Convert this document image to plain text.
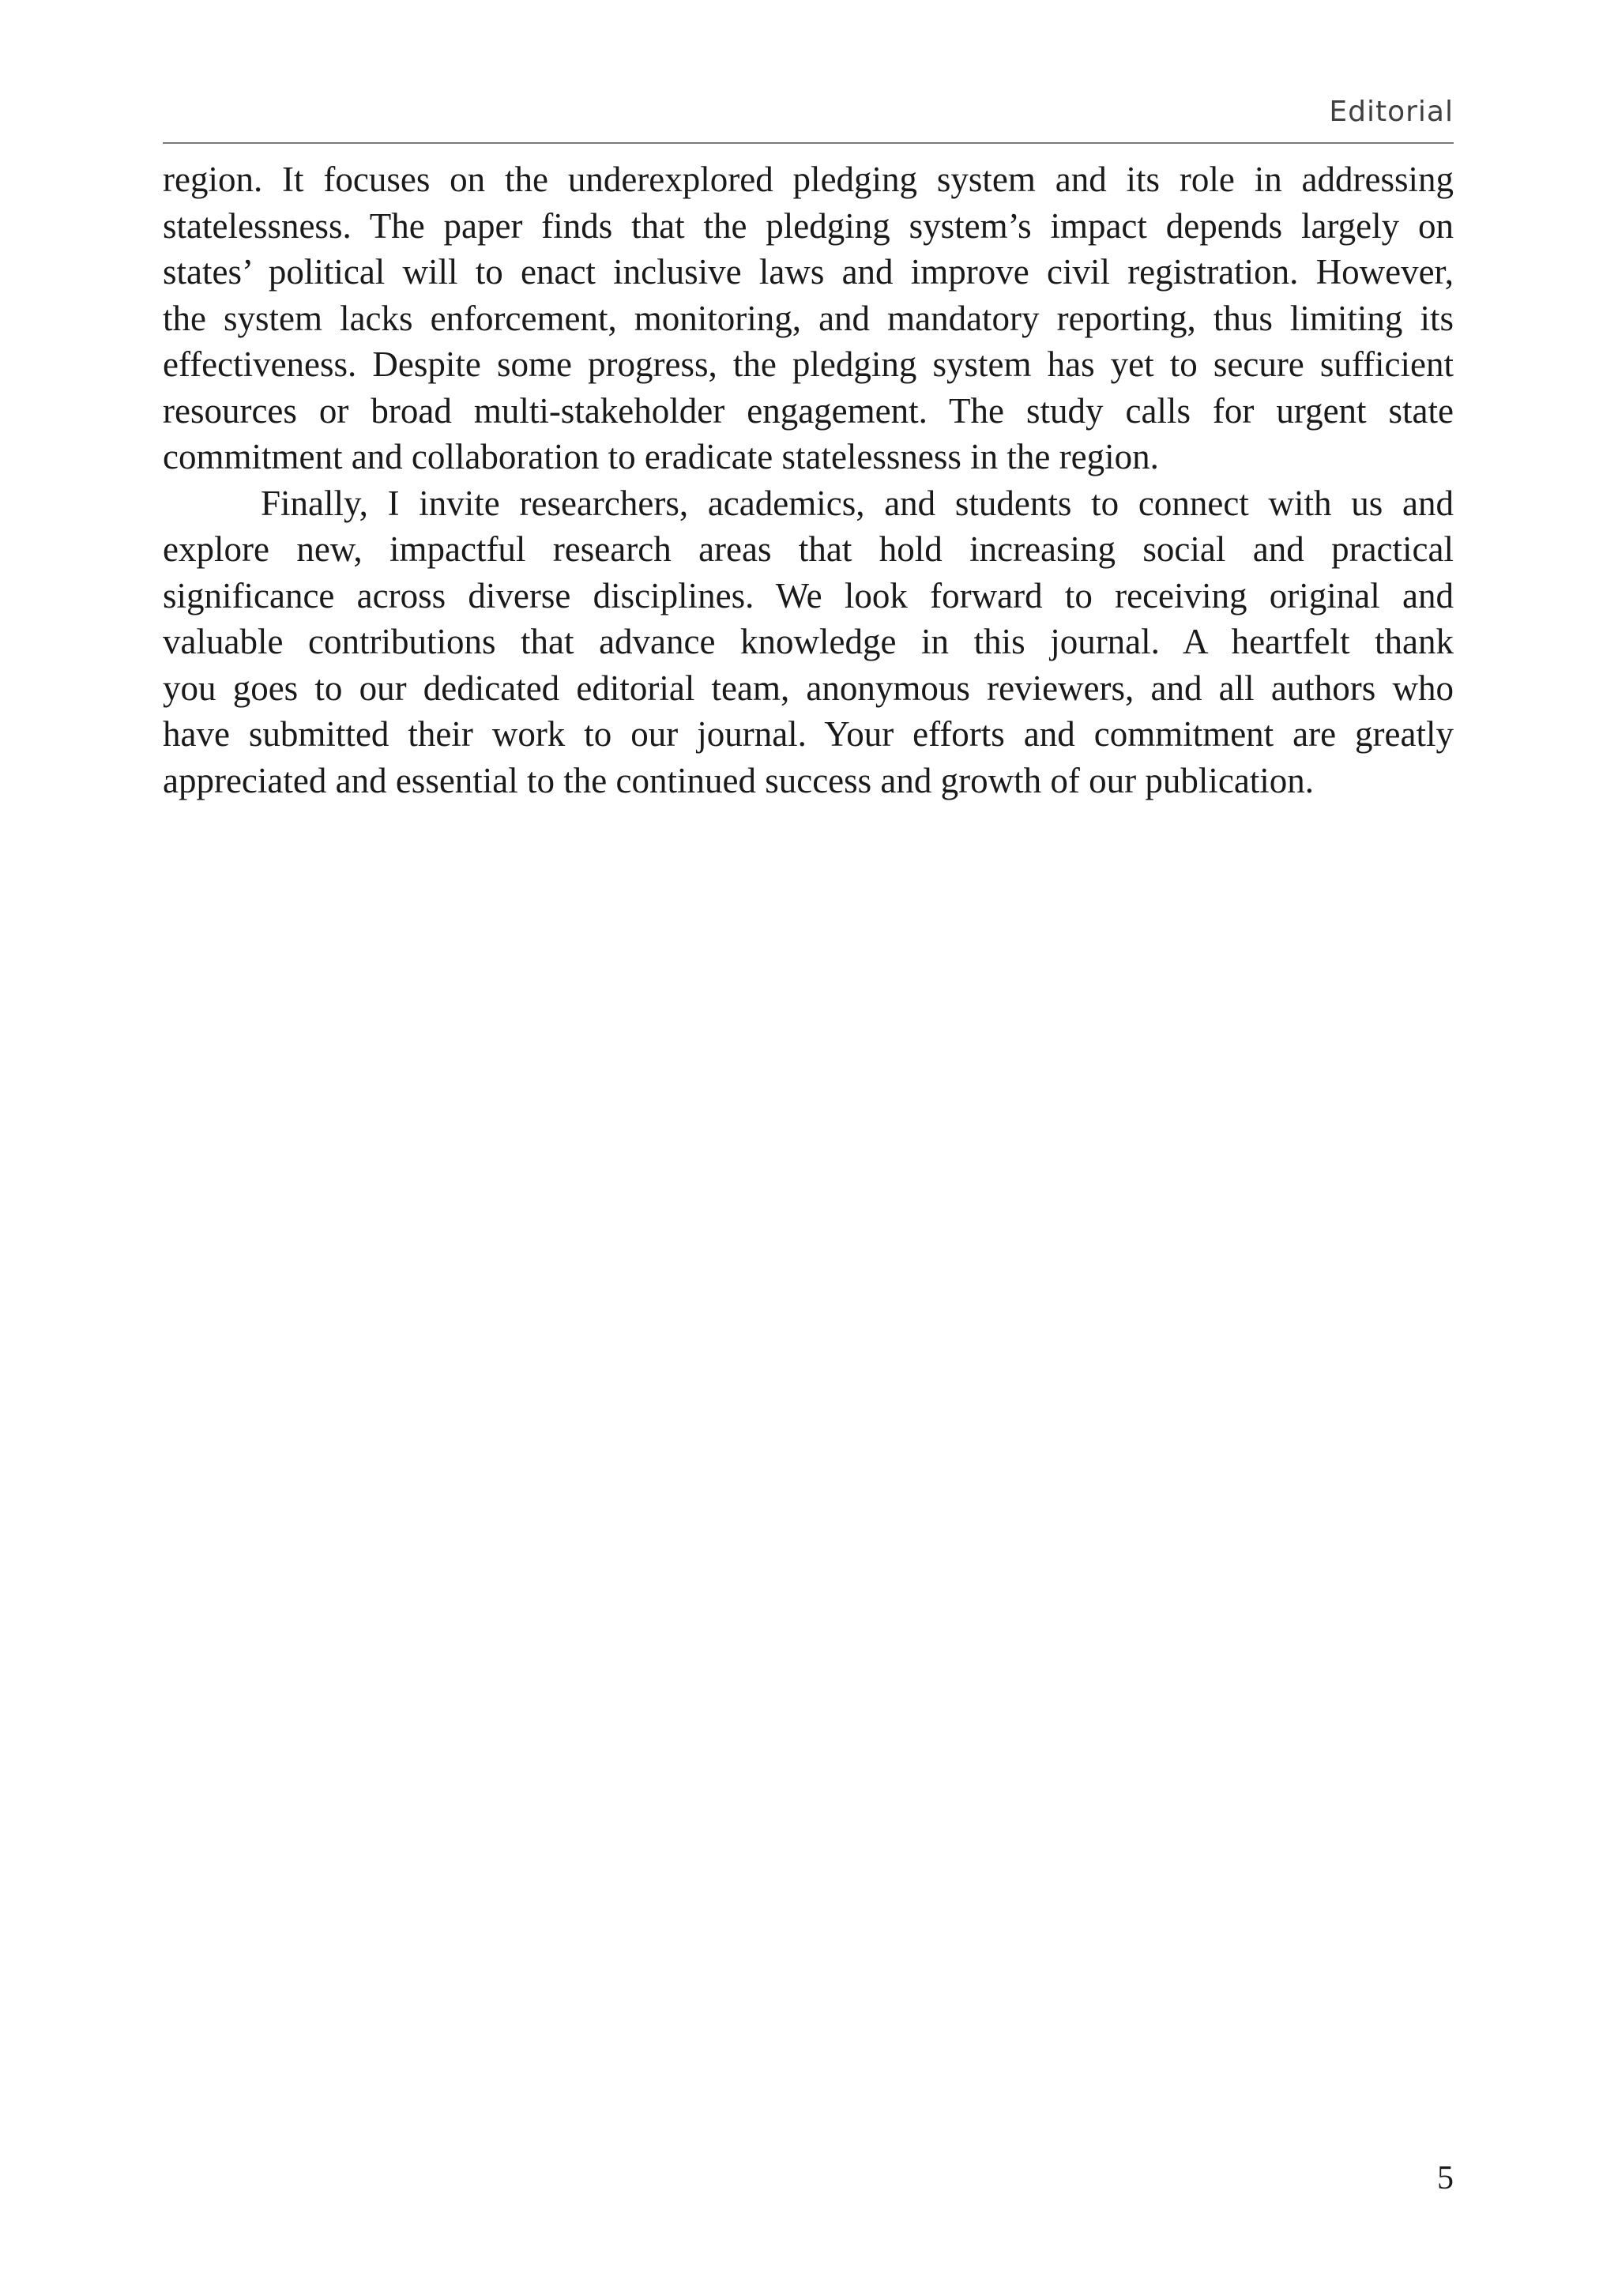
Editorial

region. It focuses on the underexplored pledging system and its role in addressing
statelessness. The paper finds that the pledging system’s impact depends largely on
states’ political will to enact inclusive laws and improve civil registration. However,
the system lacks enforcement, monitoring, and mandatory reporting, thus limiting its
effectiveness. Despite some progress, the pledging system has yet to secure sufficient
resources or broad multi-stakeholder engagement. The study calls for urgent state
commitment and collaboration to eradicate statelessness in the region.

Finally, I invite researchers, academics, and students to connect with us and
explore new, impactful research areas that hold increasing social and practical
significance across diverse disciplines. We look forward to receiving original and
valuable contributions that advance knowledge in this journal. A heartfelt thank
you goes to our dedicated editorial team, anonymous reviewers, and all authors who
have submitted their work to our journal. Your efforts and commitment are greatly
appreciated and essential to the continued success and growth of our publication.

5
